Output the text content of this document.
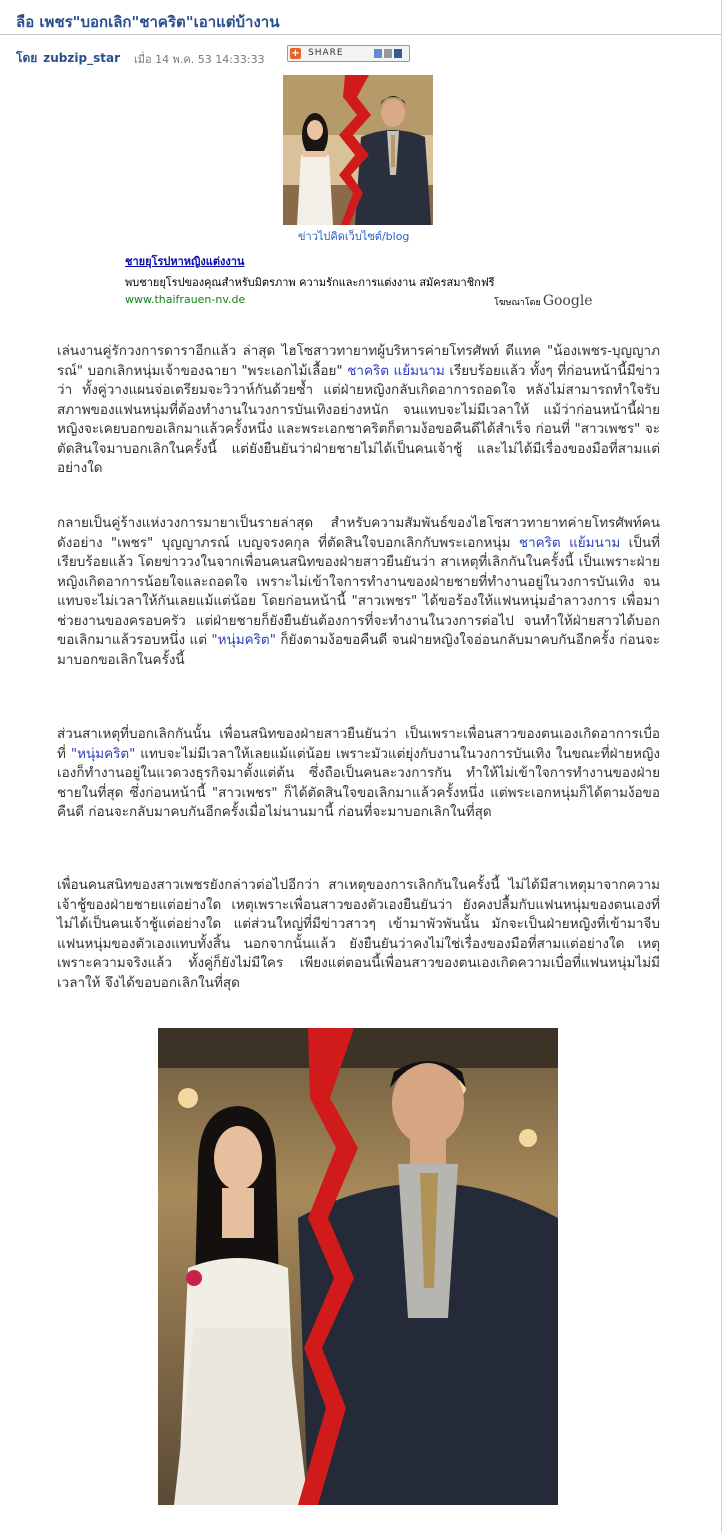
ลือ เพชร"บอกเลิก"ชาคริต"เอาแต่บ้างาน
โดย zubzip_star เมื่อ 14 พ.ค. 53 14:33:33	+ SHARE
ข่าวไปคิดเว็บไซต์/blog
ชายยุโรปหาหญิงแต่งงาน
พบชายยุโรปของคุณสำหรับมิตรภาพ ความรักและการแต่งงาน สมัครสมาชิกฟรี
www.thaifrauen-nv.de	โฆษณาโดย Google
เล่นงานคู่รักวงการดาราอีกแล้ว ล่าสุด ไฮโซสาวทายาทผู้บริหารค่ายโทรศัพท์ ดีแทค "น้องเพชร-บุญญาภรณ์" บอกเลิกหนุ่มเจ้าของฉายา "พระเอกไม้เลื้อย" ชาคริต แย้มนาม เรียบร้อยแล้ว ทั้งๆ ที่ก่อนหน้านี้มีข่าวว่า ทั้งคู่วางแผนจ่อเตรียมจะวิวาห์กันด้วยซ้ำ แต่ฝ่ายหญิงกลับเกิดอาการถอดใจ หลังไม่สามารถทำใจรับสภาพของแฟนหนุ่มที่ต้องทำงานในวงการบันเทิงอย่างหนัก จนแทบจะไม่มีเวลาให้ แม้ว่าก่อนหน้านี้ฝ่ายหญิงจะเคยบอกขอเลิกมาแล้วครั้งหนึ่ง และพระเอกชาคริตก็ตามง้อขอคืนดีได้สำเร็จ ก่อนที่ "สาวเพชร" จะตัดสินใจมาบอกเลิกในครั้งนี้ แต่ยังยืนยันว่าฝ่ายชายไม่ได้เป็นคนเจ้าชู้ และไม่ได้มีเรื่องของมือที่สามแต่อย่างใด
กลายเป็นคู่ร้างแห่งวงการมายาเป็นรายล่าสุด สำหรับความสัมพันธ์ของไฮโซสาวทายาทค่ายโทรศัพท์คนดังอย่าง "เพชร" บุญญาภรณ์ เบญจรงคกุล ที่ตัดสินใจบอกเลิกกับพระเอกหนุ่ม ชาคริต แย้มนาม เป็นที่เรียบร้อยแล้ว โดยข่าววงในจากเพื่อนคนสนิทของฝ่ายสาวยืนยันว่า สาเหตุที่เลิกกันในครั้งนี้ เป็นเพราะฝ่ายหญิงเกิดอาการน้อยใจและถอดใจ เพราะไม่เข้าใจการทำงานของฝ่ายชายที่ทำงานอยู่ในวงการบันเทิง จนแทบจะไม่เวลาให้กันเลยแม้แต่น้อย โดยก่อนหน้านี้ "สาวเพชร" ได้ขอร้องให้แฟนหนุ่มอำลาวงการ เพื่อมาช่วยงานของครอบครัว แต่ฝ่ายชายก็ยังยืนยันต้องการที่จะทำงานในวงการต่อไป จนทำให้ฝ่ายสาวได้บอกขอเลิกมาแล้วรอบหนึ่ง แต่ "หนุ่มคริต" ก็ยังตามง้อขอคืนดี จนฝ่ายหญิงใจอ่อนกลับมาคบกันอีกครั้ง ก่อนจะมาบอกขอเลิกในครั้งนี้
ส่วนสาเหตุที่บอกเลิกกันนั้น เพื่อนสนิทของฝ่ายสาวยืนยันว่า เป็นเพราะเพื่อนสาวของตนเองเกิดอาการเบื่อที่ "หนุ่มคริต" แทบจะไม่มีเวลาให้เลยแม้แต่น้อย เพราะมัวแต่ยุ่งกับงานในวงการบันเทิง ในขณะที่ฝ่ายหญิงเองก็ทำงานอยู่ในแวดวงธุรกิจมาตั้งแต่ต้น ซึ่งถือเป็นคนละวงการกัน ทำให้ไม่เข้าใจการทำงานของฝ่ายชายในที่สุด ซึ่งก่อนหน้านี้ "สาวเพชร" ก็ได้ตัดสินใจขอเลิกมาแล้วครั้งหนึ่ง แต่พระเอกหนุ่มก็ได้ตามง้อขอคืนดี ก่อนจะกลับมาคบกันอีกครั้งเมื่อไม่นานมานี้ ก่อนที่จะมาบอกเลิกในที่สุด
เพื่อนคนสนิทของสาวเพชรยังกล่าวต่อไปอีกว่า สาเหตุของการเลิกกันในครั้งนี้ ไม่ได้มีสาเหตุมาจากความเจ้าชู้ของฝ่ายชายแต่อย่างใด เหตุเพราะเพื่อนสาวของตัวเองยืนยันว่า ยังคงปลื้มกับแฟนหนุ่มของตนเองที่ไม่ได้เป็นคนเจ้าชู้แต่อย่างใด แต่ส่วนใหญ่ที่มีข่าวสาวๆ เข้ามาพัวพันนั้น มักจะเป็นฝ่ายหญิงที่เข้ามาจีบแฟนหนุ่มของตัวเองแทบทั้งสิ้น นอกจากนั้นแล้ว ยังยืนยันว่าคงไม่ใช่เรื่องของมือที่สามแต่อย่างใด เหตุเพราะความจริงแล้ว ทั้งคู่ก็ยังไม่มีใคร เพียงแต่ตอนนี้เพื่อนสาวของตนเองเกิดความเบื่อที่แฟนหนุ่มไม่มีเวลาให้ จึงได้ขอบอกเลิกในที่สุด
